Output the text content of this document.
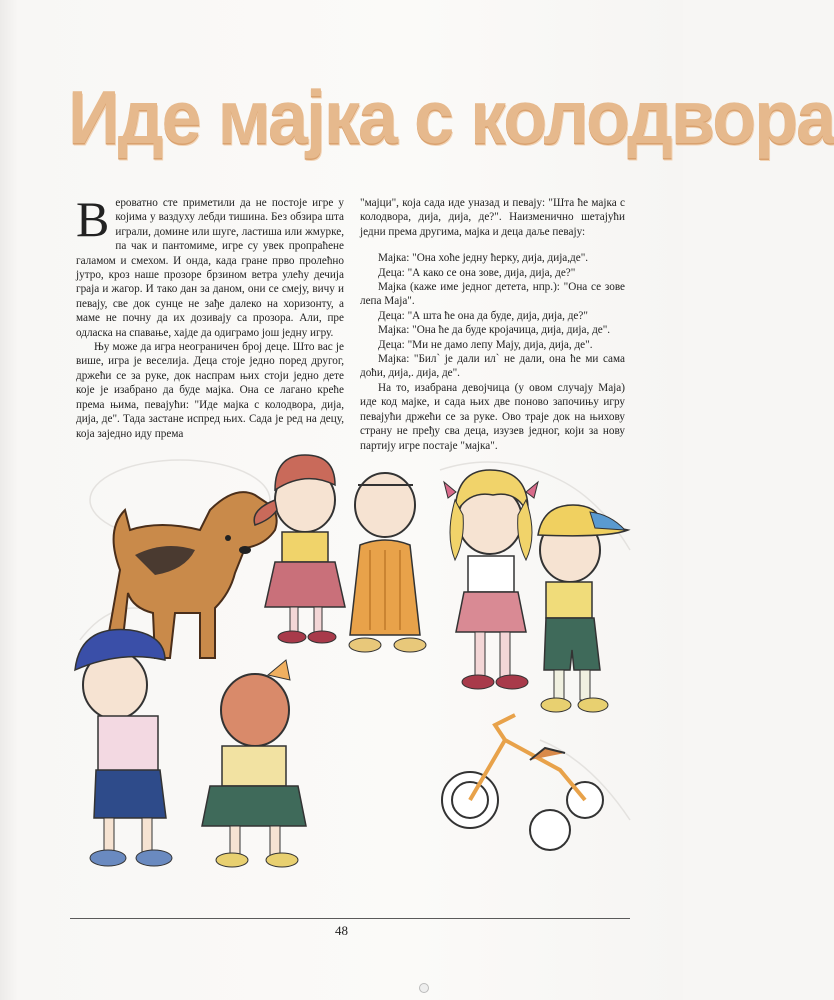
Иде мајка с колодвора

Вероватно сте приметили да не постоје игре у којима у ваздуху лебди тишина. Без обзира шта играли, домине или шуге, ластиша или жмурке, па чак и пантомиме, игре су увек пропраћене галамом и смехом. И онда, када гране прво пролећно јутро, кроз наше прозоре брзином ветра улећу дечија граја и жагор. И тако дан за даном, они се смеју, вичу и певају, све док сунце не зађе далеко на хоризонту, а маме не почну да их дозивају са прозора. Али, пре одласка на спавање, хајде да одиграмо још једну игру.

Њу може да игра неограничен број деце. Што вас је више, игра је веселија. Деца стоје једно поред другог, држећи се за руке, док наспрам њих стоји једно дете које је изабрано да буде мајка. Она се лагано креће према њима, певајући: "Иде мајка с колодвора, дија, дија, де". Тада застане испред њих. Сада је ред на децу, која заједно иду према

"мајци", која сада иде уназад и певају: "Шта ће мајка с колодвора, дија, дија, де?". Наизменично шетајући једни према другима, мајка и деца даље певају:

Мајка: "Она хоће једну ћерку, дија, дија,де".

Деца: "А како се она зове, дија, дија, де?"

Мајка (каже име једног детета, нпр.): "Она се зове лепа Маја".

Деца: "А шта ће она да буде, дија, дија, де?"

Мајка: "Она ће да буде кројачица, дија, дија, де".

Деца: "Ми не дамо лепу Мају, дија, дија, де".

Мајка: "Бил` је дали ил` не дали, она ће ми сама доћи, дија,. дија, де".

На то, изабрана девојчица (у овом случају Маја) иде код мајке, и сада њих две поново започињу игру певајући држећи се за руке. Ово траје док на њихову страну не пређу сва деца, изузев једног, који за нову партију игре постаје "мајка".

48
